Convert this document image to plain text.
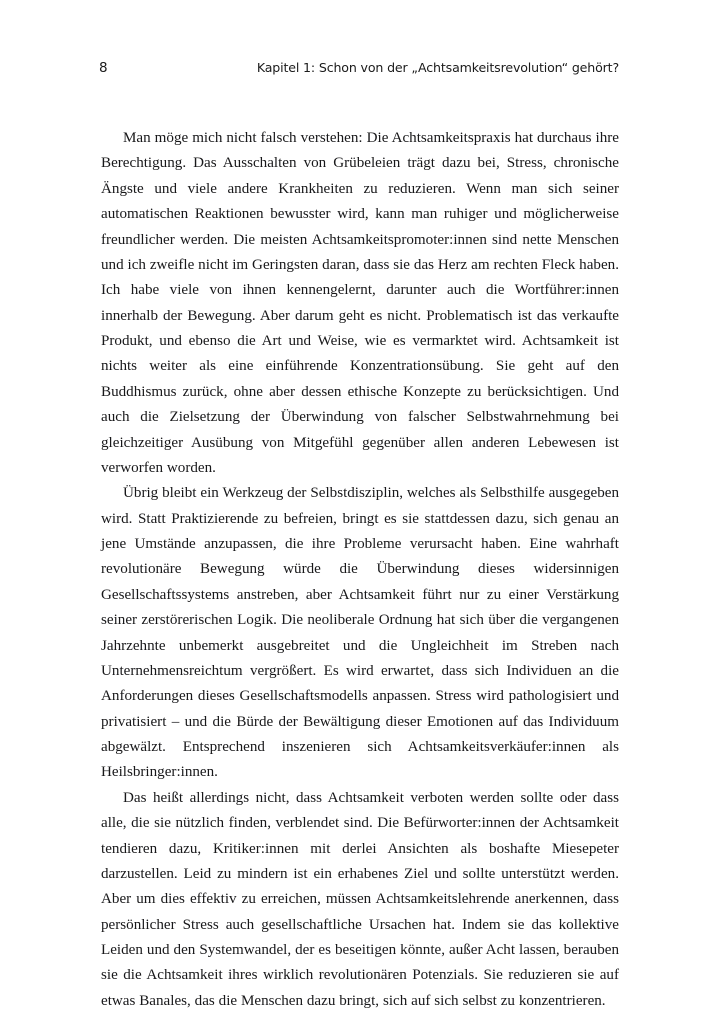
8	Kapitel 1: Schon von der „Achtsamkeitsrevolution“ gehört?

Man möge mich nicht falsch verstehen: Die Achtsamkeitspraxis hat durchaus ihre Berechtigung. Das Ausschalten von Grübeleien trägt dazu bei, Stress, chronische Ängste und viele andere Krankheiten zu reduzieren. Wenn man sich seiner automatischen Reaktionen bewusster wird, kann man ruhiger und möglicherweise freundlicher werden. Die meisten Achtsamkeitspromoter:innen sind nette Menschen und ich zweifle nicht im Geringsten daran, dass sie das Herz am rechten Fleck haben. Ich habe viele von ihnen kennengelernt, darunter auch die Wortführer:innen innerhalb der Bewegung. Aber darum geht es nicht. Problematisch ist das verkaufte Produkt, und ebenso die Art und Weise, wie es vermarktet wird. Achtsamkeit ist nichts weiter als eine einführende Konzentrationsübung. Sie geht auf den Buddhismus zurück, ohne aber dessen ethische Konzepte zu berücksichtigen. Und auch die Zielsetzung der Überwindung von falscher Selbstwahrnehmung bei gleichzeitiger Ausübung von Mitgefühl gegenüber allen anderen Lebewesen ist verworfen worden.

Übrig bleibt ein Werkzeug der Selbstdisziplin, welches als Selbsthilfe ausgegeben wird. Statt Praktizierende zu befreien, bringt es sie stattdessen dazu, sich genau an jene Umstände anzupassen, die ihre Probleme verursacht haben. Eine wahrhaft revolutionäre Bewegung würde die Überwindung dieses widersinnigen Gesellschaftssystems anstreben, aber Achtsamkeit führt nur zu einer Verstärkung seiner zerstörerischen Logik. Die neoliberale Ordnung hat sich über die vergangenen Jahrzehnte unbemerkt ausgebreitet und die Ungleichheit im Streben nach Unternehmensreichtum vergrößert. Es wird erwartet, dass sich Individuen an die Anforderungen dieses Gesellschaftsmodells anpassen. Stress wird pathologisiert und privatisiert – und die Bürde der Bewältigung dieser Emotionen auf das Individuum abgewälzt. Entsprechend inszenieren sich Achtsamkeitsverkäufer:innen als Heilsbringer:innen.

Das heißt allerdings nicht, dass Achtsamkeit verboten werden sollte oder dass alle, die sie nützlich finden, verblendet sind. Die Befürworter:innen der Achtsamkeit tendieren dazu, Kritiker:innen mit derlei Ansichten als boshafte Miesepeter darzustellen. Leid zu mindern ist ein erhabenes Ziel und sollte unterstützt werden. Aber um dies effektiv zu erreichen, müssen Achtsamkeitslehrende anerkennen, dass persönlicher Stress auch gesellschaftliche Ursachen hat. Indem sie das kollektive Leiden und den Systemwandel, der es beseitigen könnte, außer Acht lassen, berauben sie die Achtsamkeit ihres wirklich revolutionären Potenzials. Sie reduzieren sie auf etwas Banales, das die Menschen dazu bringt, sich auf sich selbst zu konzentrieren.
